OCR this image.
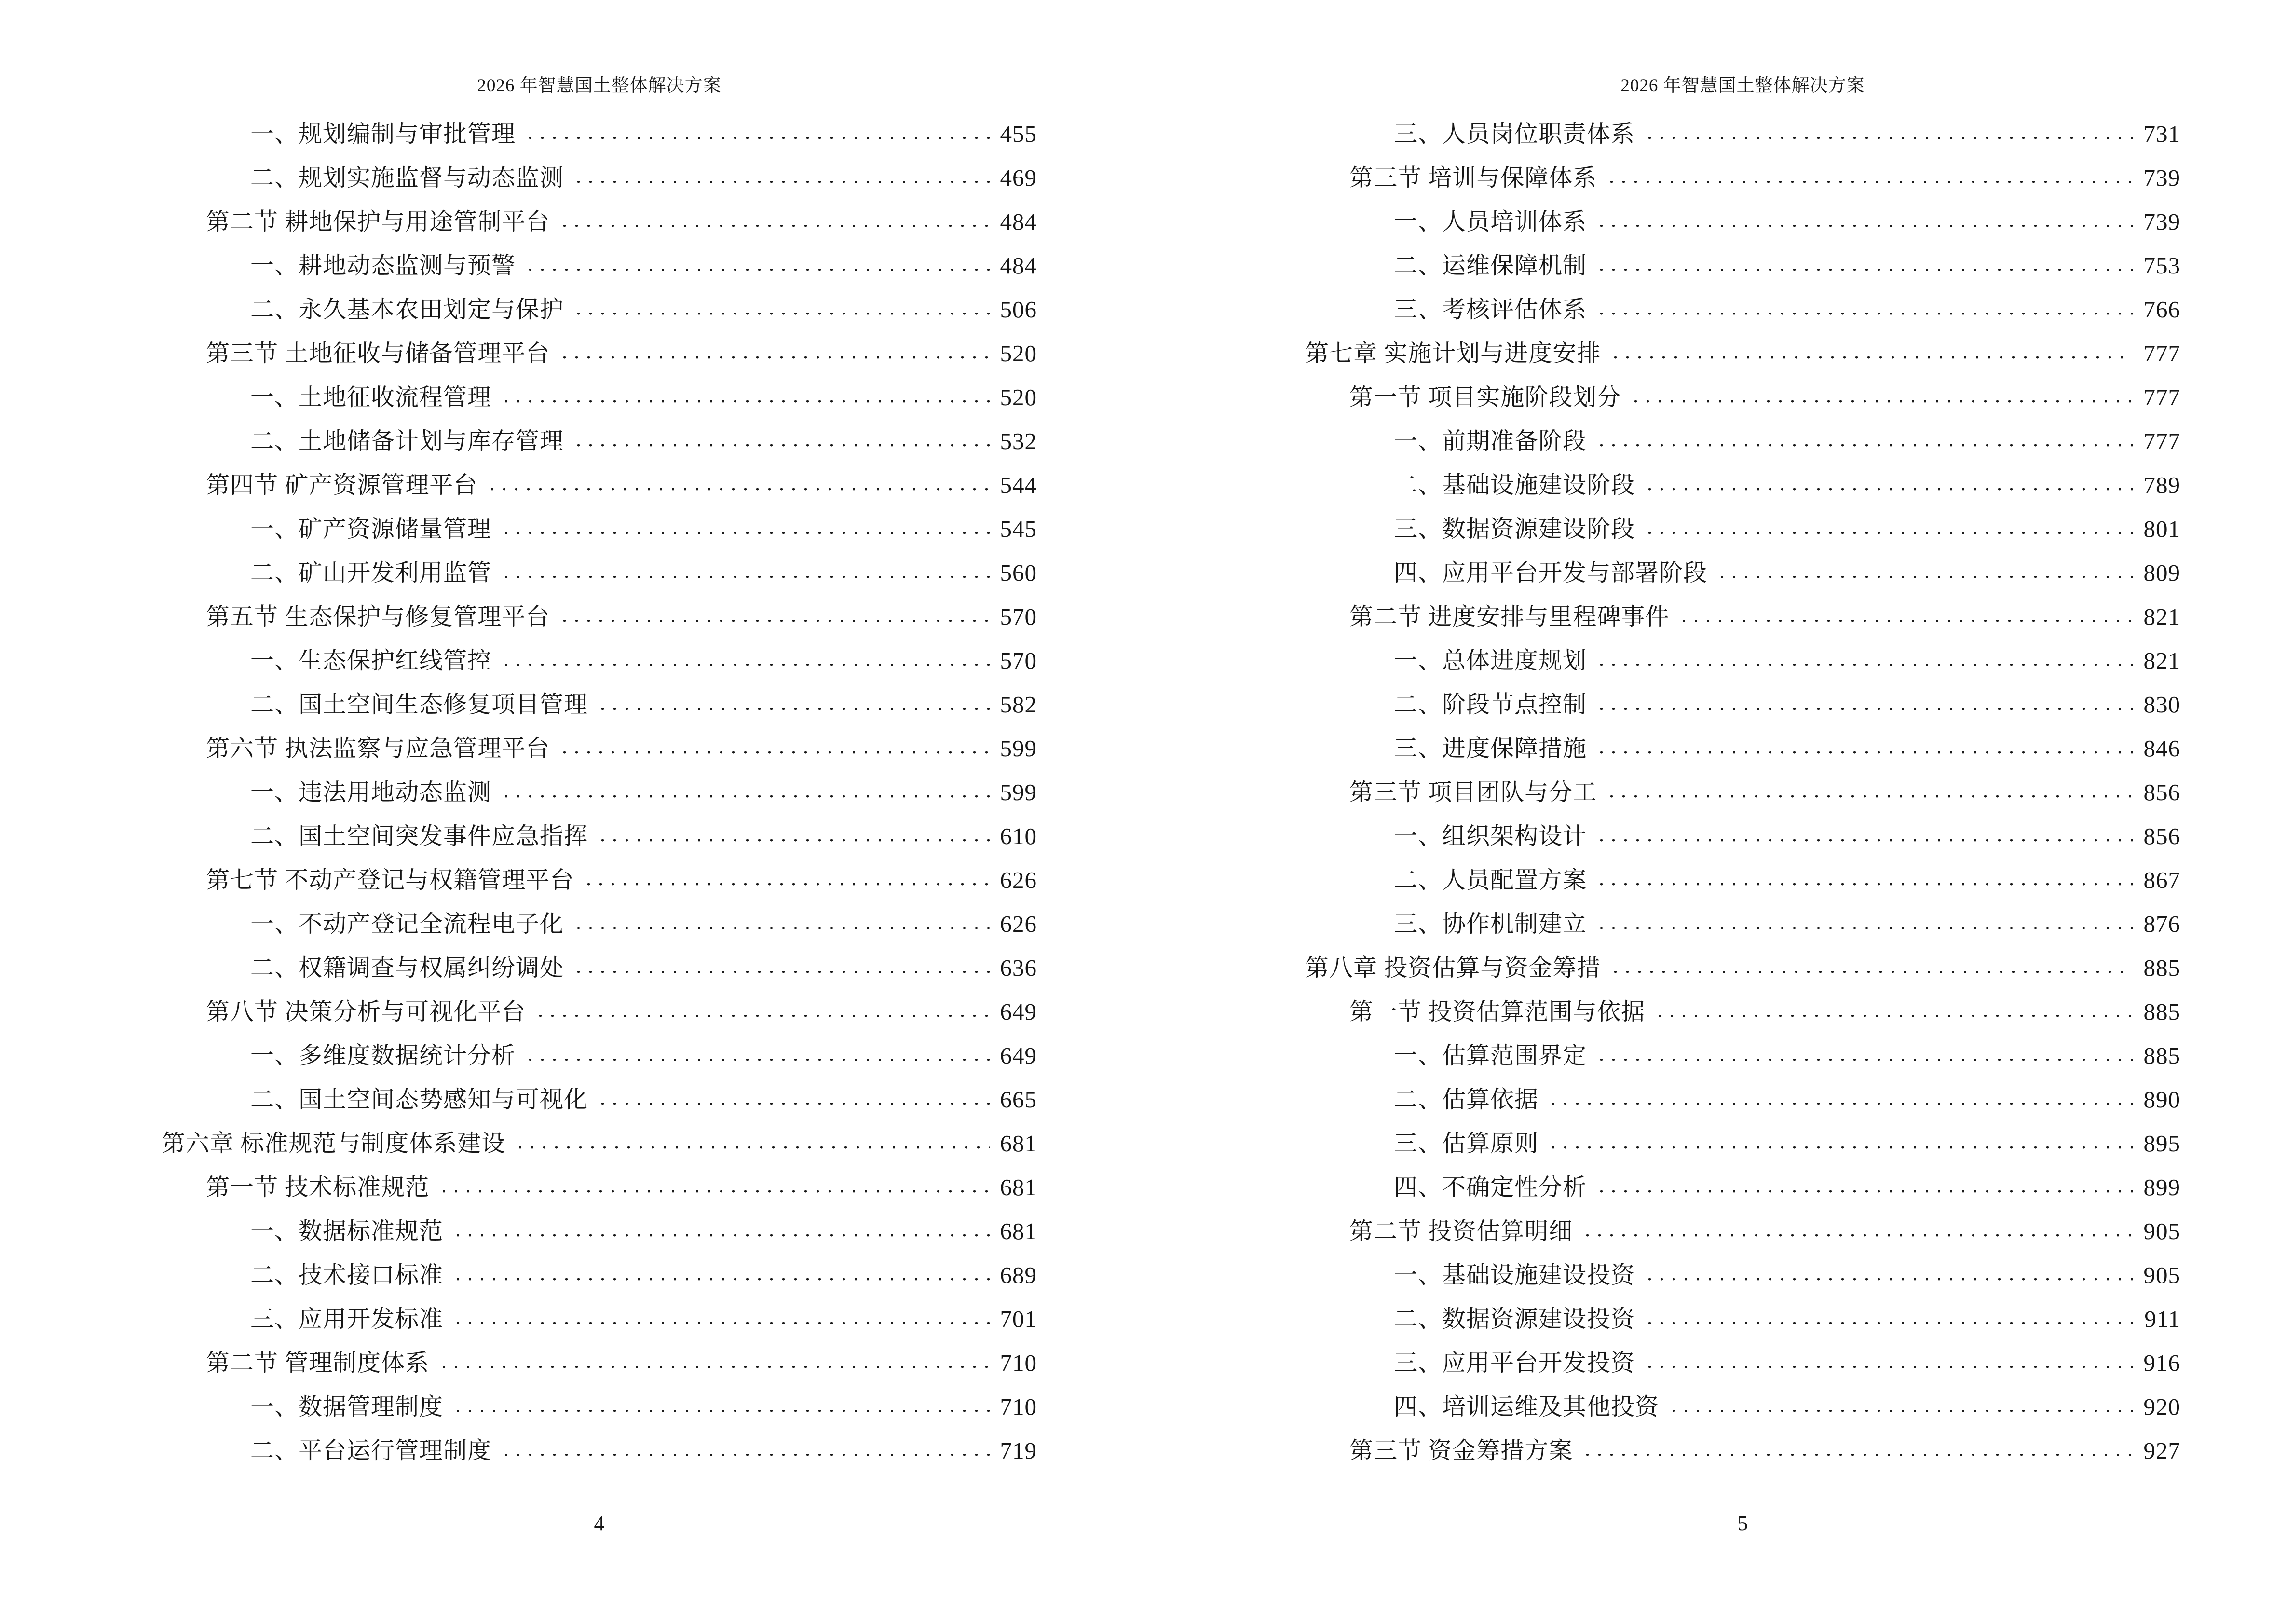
2026 年智慧国土整体解决方案
一、规划编制与审批管理	455
二、规划实施监督与动态监测	469
第二节 耕地保护与用途管制平台	484
一、耕地动态监测与预警	484
二、永久基本农田划定与保护	506
第三节 土地征收与储备管理平台	520
一、土地征收流程管理	520
二、土地储备计划与库存管理	532
第四节 矿产资源管理平台	544
一、矿产资源储量管理	545
二、矿山开发利用监管	560
第五节 生态保护与修复管理平台	570
一、生态保护红线管控	570
二、国土空间生态修复项目管理	582
第六节 执法监察与应急管理平台	599
一、违法用地动态监测	599
二、国土空间突发事件应急指挥	610
第七节 不动产登记与权籍管理平台	626
一、不动产登记全流程电子化	626
二、权籍调查与权属纠纷调处	636
第八节 决策分析与可视化平台	649
一、多维度数据统计分析	649
二、国土空间态势感知与可视化	665
第六章 标准规范与制度体系建设	681
第一节 技术标准规范	681
一、数据标准规范	681
二、技术接口标准	689
三、应用开发标准	701
第二节 管理制度体系	710
一、数据管理制度	710
二、平台运行管理制度	719
4
2026 年智慧国土整体解决方案
三、人员岗位职责体系	731
第三节 培训与保障体系	739
一、人员培训体系	739
二、运维保障机制	753
三、考核评估体系	766
第七章 实施计划与进度安排	777
第一节 项目实施阶段划分	777
一、前期准备阶段	777
二、基础设施建设阶段	789
三、数据资源建设阶段	801
四、应用平台开发与部署阶段	809
第二节 进度安排与里程碑事件	821
一、总体进度规划	821
二、阶段节点控制	830
三、进度保障措施	846
第三节 项目团队与分工	856
一、组织架构设计	856
二、人员配置方案	867
三、协作机制建立	876
第八章 投资估算与资金筹措	885
第一节 投资估算范围与依据	885
一、估算范围界定	885
二、估算依据	890
三、估算原则	895
四、不确定性分析	899
第二节 投资估算明细	905
一、基础设施建设投资	905
二、数据资源建设投资	911
三、应用平台开发投资	916
四、培训运维及其他投资	920
第三节 资金筹措方案	927
5
